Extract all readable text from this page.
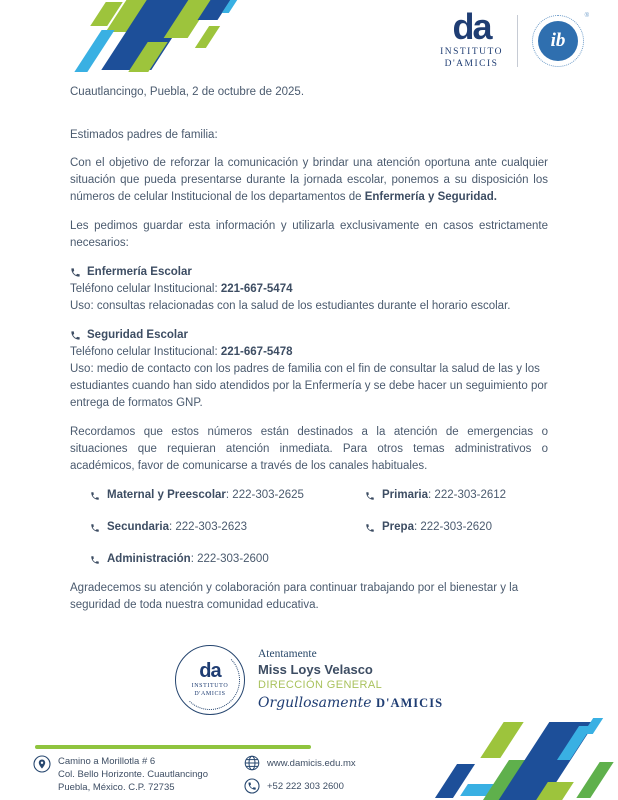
da
INSTITUTO
D'AMICIS
ib
®

Cuautlancingo, Puebla, 2 de octubre de 2025.

Estimados padres de familia:

Con el objetivo de reforzar la comunicación y brindar una atención oportuna ante cualquier situación que pueda presentarse durante la jornada escolar, ponemos a su disposición los números de celular Institucional de los departamentos de Enfermería y Seguridad.

Les pedimos guardar esta información y utilizarla exclusivamente en casos estrictamente necesarios:

Enfermería Escolar
Teléfono celular Institucional: 221-667-5474
Uso: consultas relacionadas con la salud de los estudiantes durante el horario escolar.
Seguridad Escolar
Teléfono celular Institucional: 221-667-5478
Uso: medio de contacto con los padres de familia con el fin de consultar la salud de las y los estudiantes cuando han sido atendidos por la Enfermería y se debe hacer un seguimiento por entrega de formatos GNP.

Recordamos que estos números están destinados a la atención de emergencias o situaciones que requieran atención inmediata. Para otros temas administrativos o académicos, favor de comunicarse a través de los canales habituales.

Maternal y Preescolar: 222-303-2625	Primaria: 222-303-2612
Secundaria: 222-303-2623	Prepa: 222-303-2620
Administración: 222-303-2600

Agradecemos su atención y colaboración para continuar trabajando por el bienestar y la seguridad de toda nuestra comunidad educativa.

da
INSTITUTO
D'AMICIS
Atentamente
Miss Loys Velasco
DIRECCIÓN GENERAL
Orgullosamente D'AMICIS
Camino a Morillotla # 6
Col. Bello Horizonte. Cuautlancingo
Puebla, México. C.P. 72735
www.damicis.edu.mx
+52 222 303 2600
